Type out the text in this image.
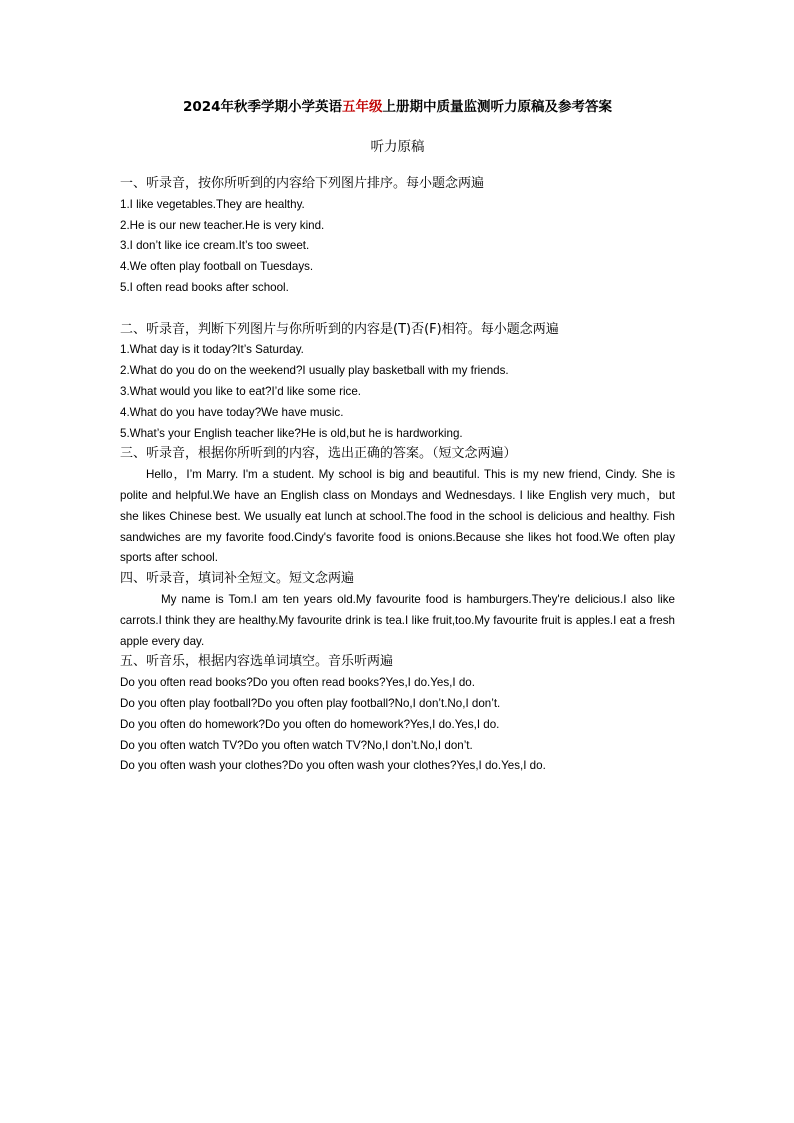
2024年秋季学期小学英语五年级上册期中质量监测听力原稿及参考答案

听力原稿

一、听录音，按你所听到的内容给下列图片排序。每小题念两遍

1.I like vegetables.They are healthy.

2.He is our new teacher.He is very kind.

3.I don’t like ice cream.It’s too sweet.

4.We often play football on Tuesdays.

5.I often read books after school.

二、听录音，判断下列图片与你所听到的内容是(T)否(F)相符。每小题念两遍

1.What day is it today?It’s Saturday.

2.What do you do on the weekend?I usually play basketball with my friends.

3.What would you like to eat?I’d like some rice.

4.What do you have today?We have music.

5.What’s your English teacher like?He is old,but he is hardworking.

三、听录音，根据你所听到的内容，选出正确的答案。（短文念两遍）

Hello，I’m Marry. I'm a student. My school is big and beautiful. This is my new friend, Cindy. She is polite and helpful.We have an English class on Mondays and Wednesdays. I like English very much，but she likes Chinese best. We usually eat lunch at school.The food in the school is delicious and healthy. Fish sandwiches are my favorite food.Cindy's favorite food is onions.Because she likes hot food.We often play sports after school.

四、听录音，填词补全短文。短文念两遍

My name is Tom.I am ten years old.My favourite food is hamburgers.They're delicious.I also like carrots.I think they are healthy.My favourite drink is tea.I like fruit,too.My favourite fruit is apples.I eat a fresh apple every day.

五、听音乐，根据内容选单词填空。音乐听两遍

Do you often read books?Do you often read books?Yes,I do.Yes,I do.

Do you often play football?Do you often play football?No,I don’t.No,I don’t.

Do you often do homework?Do you often do homework?Yes,I do.Yes,I do.

Do you often watch TV?Do you often watch TV?No,I don’t.No,I don’t.

Do you often wash your clothes?Do you often wash your clothes?Yes,I do.Yes,I do.
